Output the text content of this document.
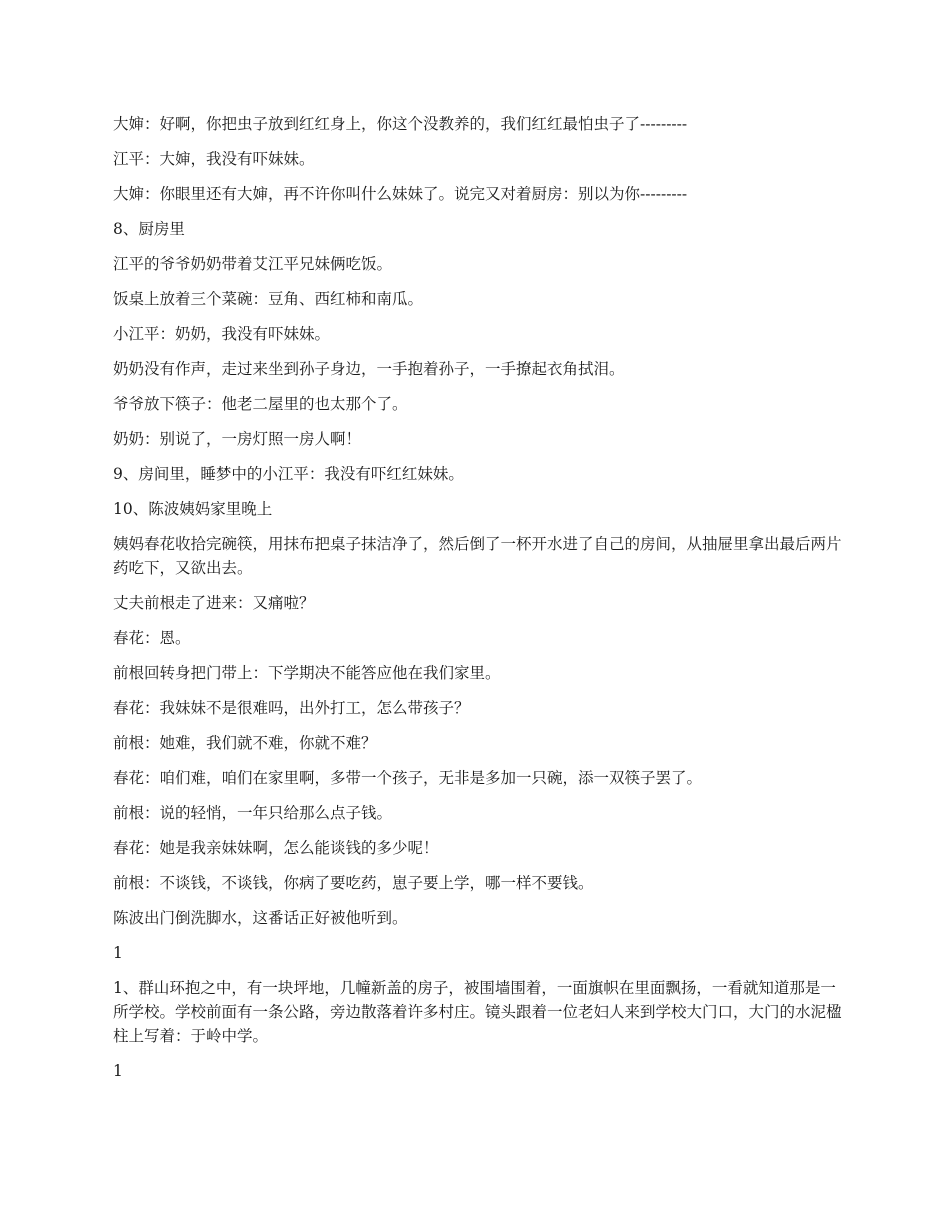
大婶：好啊，你把虫子放到红红身上，你这个没教养的，我们红红最怕虫子了---------

江平：大婶，我没有吓妹妹。

大婶：你眼里还有大婶，再不许你叫什么妹妹了。说完又对着厨房：别以为你---------

8、厨房里

江平的爷爷奶奶带着艾江平兄妹俩吃饭。

饭桌上放着三个菜碗：豆角、西红柿和南瓜。

小江平：奶奶，我没有吓妹妹。

奶奶没有作声，走过来坐到孙子身边，一手抱着孙子，一手撩起衣角拭泪。

爷爷放下筷子：他老二屋里的也太那个了。

奶奶：别说了，一房灯照一房人啊！

9、房间里，睡梦中的小江平：我没有吓红红妹妹。

10、陈波姨妈家里晚上

姨妈春花收拾完碗筷，用抹布把桌子抹洁净了，然后倒了一杯开水进了自己的房间，从抽屉里拿出最后两片药吃下，又欲出去。

丈夫前根走了进来：又痛啦？

春花：恩。

前根回转身把门带上：下学期决不能答应他在我们家里。

春花：我妹妹不是很难吗，出外打工，怎么带孩子？

前根：她难，我们就不难，你就不难？

春花：咱们难，咱们在家里啊，多带一个孩子，无非是多加一只碗，添一双筷子罢了。

前根：说的轻悄，一年只给那么点子钱。

春花：她是我亲妹妹啊，怎么能谈钱的多少呢！

前根：不谈钱，不谈钱，你病了要吃药，崽子要上学，哪一样不要钱。

陈波出门倒洗脚水，这番话正好被他听到。

1

1、群山环抱之中，有一块坪地，几幢新盖的房子，被围墙围着，一面旗帜在里面飘扬，一看就知道那是一所学校。学校前面有一条公路，旁边散落着许多村庄。镜头跟着一位老妇人来到学校大门口，大门的水泥楹柱上写着：于岭中学。

1
